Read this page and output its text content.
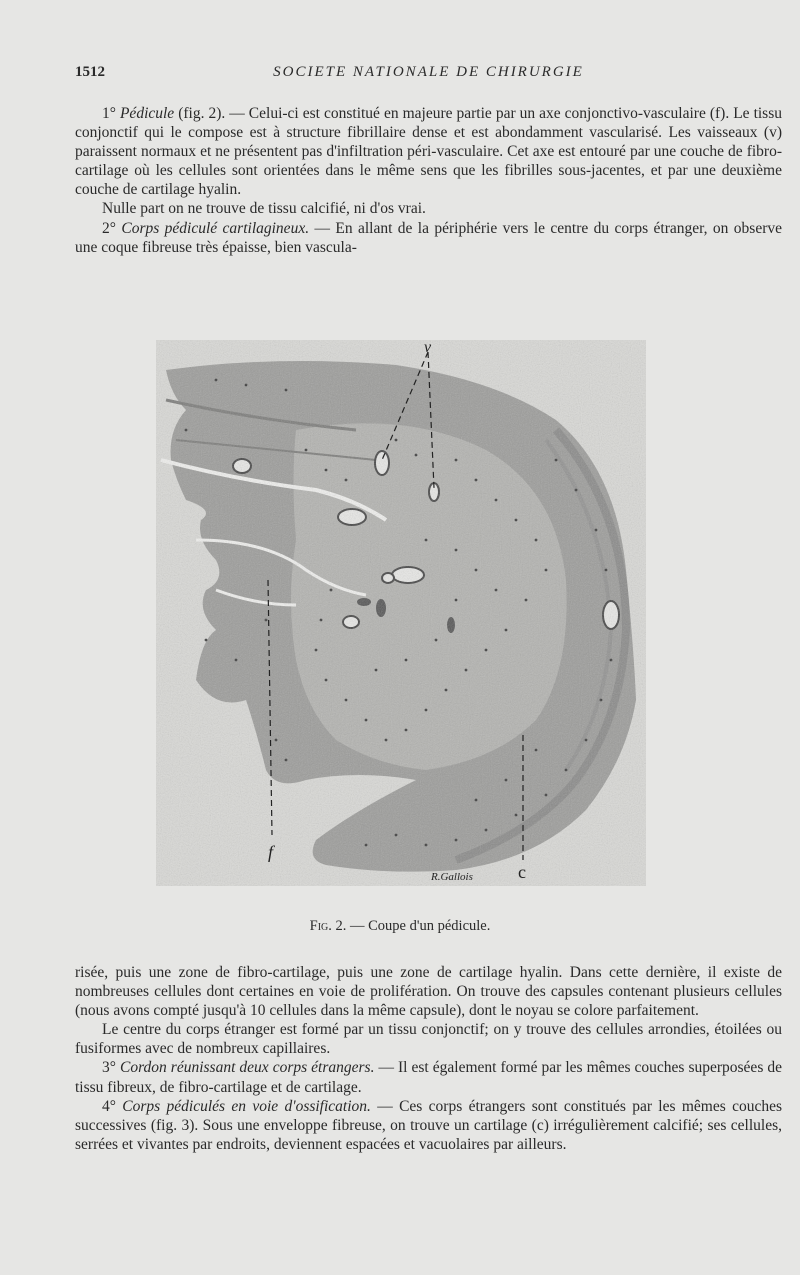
1512	SOCIETE NATIONALE DE CHIRURGIE

1° Pédicule (fig. 2). — Celui-ci est constitué en majeure partie par un axe conjonctivo-vasculaire (f). Le tissu conjonctif qui le compose est à structure fibrillaire dense et est abondamment vascularisé. Les vaisseaux (v) paraissent normaux et ne présentent pas d'infiltration péri-vasculaire. Cet axe est entouré par une couche de fibro-cartilage où les cellules sont orientées dans le même sens que les fibrilles sous-jacentes, et par une deuxième couche de cartilage hyalin.

Nulle part on ne trouve de tissu calcifié, ni d'os vrai.

2° Corps pédiculé cartilagineux. — En allant de la périphérie vers le centre du corps étranger, on observe une coque fibreuse très épaisse, bien vascula-

v
f
c
R.Gallois
Fig. 2. — Coupe d'un pédicule.

risée, puis une zone de fibro-cartilage, puis une zone de cartilage hyalin. Dans cette dernière, il existe de nombreuses cellules dont certaines en voie de prolifération. On trouve des capsules contenant plusieurs cellules (nous avons compté jusqu'à 10 cellules dans la même capsule), dont le noyau se colore parfaitement.

Le centre du corps étranger est formé par un tissu conjonctif; on y trouve des cellules arrondies, étoilées ou fusiformes avec de nombreux capillaires.

3° Cordon réunissant deux corps étrangers. — Il est également formé par les mêmes couches superposées de tissu fibreux, de fibro-cartilage et de cartilage.

4° Corps pédiculés en voie d'ossification. — Ces corps étrangers sont constitués par les mêmes couches successives (fig. 3). Sous une enveloppe fibreuse, on trouve un cartilage (c) irrégulièrement calcifié; ses cellules, serrées et vivantes par endroits, deviennent espacées et vacuolaires par ailleurs.
